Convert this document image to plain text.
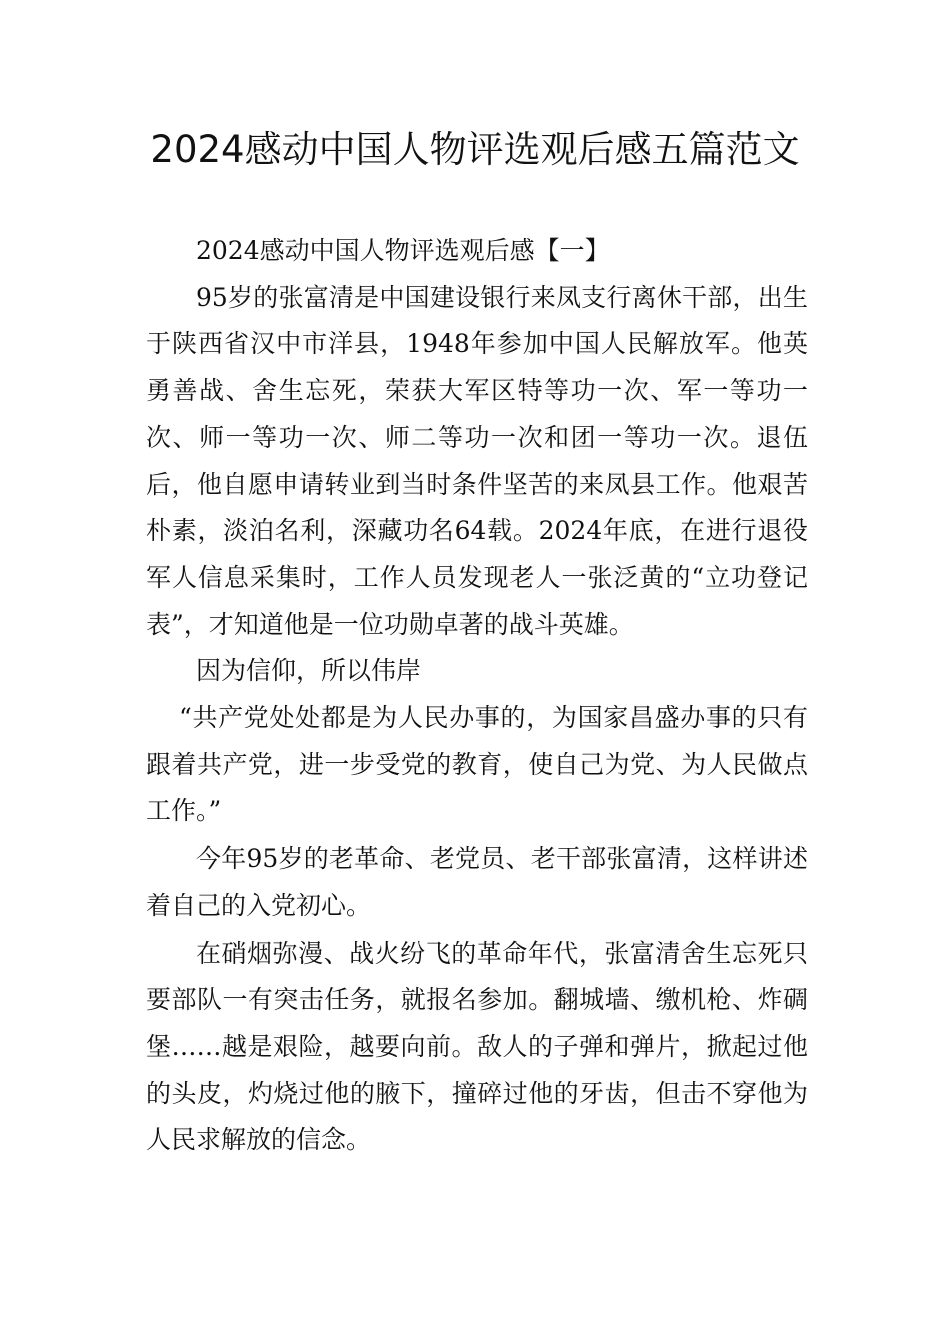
2024感动中国人物评选观后感五篇范文

2024感动中国人物评选观后感【一】

95岁的张富清是中国建设银行来凤支行离休干部，出生于陕西省汉中市洋县，1948年参加中国人民解放军。他英勇善战、舍生忘死，荣获大军区特等功一次、军一等功一次、师一等功一次、师二等功一次和团一等功一次。退伍后，他自愿申请转业到当时条件坚苦的来凤县工作。他艰苦朴素，淡泊名利，深藏功名64载。2024年底，在进行退役军人信息采集时，工作人员发现老人一张泛黄的“立功登记表”，才知道他是一位功勋卓著的战斗英雄。

因为信仰，所以伟岸

“共产党处处都是为人民办事的，为国家昌盛办事的只有跟着共产党，进一步受党的教育，使自己为党、为人民做点工作。”

今年95岁的老革命、老党员、老干部张富清，这样讲述着自己的入党初心。

在硝烟弥漫、战火纷飞的革命年代，张富清舍生忘死只要部队一有突击任务，就报名参加。翻城墙、缴机枪、炸碉堡……越是艰险，越要向前。敌人的子弹和弹片，掀起过他的头皮，灼烧过他的腋下，撞碎过他的牙齿，但击不穿他为人民求解放的信念。
